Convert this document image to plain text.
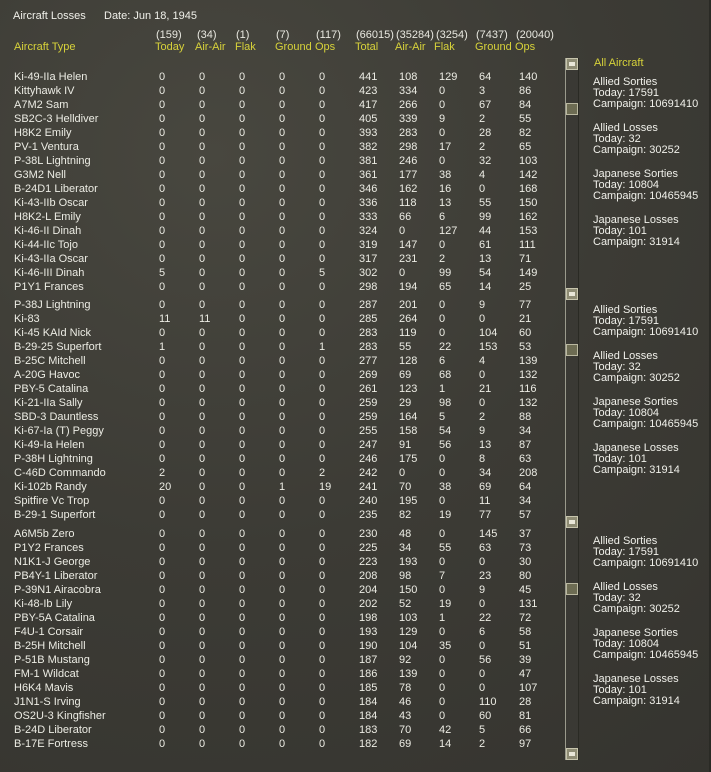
Aircraft Losses Date: Jun 18, 1945
(159) (34) (1) (7) (117) (66015) (35284) (3254) (7437) (20040)
Aircraft Type	Today Air-Air Flak Ground Ops Total Air-Air Flak Ground Ops
All Aircraft
Ki-49-IIa Helen	0	0	0	0	0	441 108 129 64	140
Kittyhawk IV	0	0	0	0	0	423 334 0	3	86
A7M2 Sam	0	0	0	0	0	417 266 0	67	84
SB2C-3 Helldiver	0	0	0	0	0	405 339 9	2	55
H8K2 Emily	0	0	0	0	0	393 283 0	28	82
PV-1 Ventura	0	0	0	0	0	382 298 17	2	65
P-38L Lightning	0	0	0	0	0	381 246 0	32	103
G3M2 Nell	0	0	0	0	0	361 177 38	4	142
B-24D1 Liberator	0	0	0	0	0	346 162 16	0	168
Ki-43-IIb Oscar	0	0	0	0	0	336 118 13	55	150
H8K2-L Emily	0	0	0	0	0	333 66	6	99	162
Ki-46-II Dinah	0	0	0	0	0	324 0	127 44	153
Ki-44-IIc Tojo	0	0	0	0	0	319 147 0	61	111
Ki-43-IIa Oscar	0	0	0	0	0	317 231 2	13	71
Ki-46-III Dinah	5	0	0	0	5	302 0	99	54	149
P1Y1 Frances	0	0	0	0	0	298 194 65	14	25
P-38J Lightning	0	0	0	0	0	287 201 0	9	77
Ki-83	11	11	0	0	0	285 264 0	0	21
Ki-45 KAId Nick	0	0	0	0	0	283 119 0	104 60
B-29-25 Superfort	1	0	0	0	1	283 55	22	153 53
B-25C Mitchell	0	0	0	0	0	277 128 6	4	139
A-20G Havoc	0	0	0	0	0	269 69	68	0	132
PBY-5 Catalina	0	0	0	0	0	261 123 1	21	116
Ki-21-IIa Sally	0	0	0	0	0	259 29	98	0	132
SBD-3 Dauntless	0	0	0	0	0	259 164 5	2	88
Ki-67-Ia (T) Peggy	0	0	0	0	0	255 158 54	9	34
Ki-49-Ia Helen	0	0	0	0	0	247 91	56	13	87
P-38H Lightning	0	0	0	0	0	246 175 0	8	63
C-46D Commando	2	0	0	0	2	242 0	0	34	208
Ki-102b Randy	20	0	0	1	19	241 70	38	69	64
Spitfire Vc Trop	0	0	0	0	0	240 195 0	11	34
B-29-1 Superfort	0	0	0	0	0	235 82	19	77	57
A6M5b Zero	0	0	0	0	0	230 48	0	145 37
P1Y2 Frances	0	0	0	0	0	225 34	55	63	73
N1K1-J George	0	0	0	0	0	223 193 0	0	30
PB4Y-1 Liberator	0	0	0	0	0	208 98	7	23	80
P-39N1 Airacobra	0	0	0	0	0	204 150 0	9	45
Ki-48-Ib Lily	0	0	0	0	0	202 52	19	0	131
PBY-5A Catalina	0	0	0	0	0	198 103 1	22	72
F4U-1 Corsair	0	0	0	0	0	193 129 0	6	58
B-25H Mitchell	0	0	0	0	0	190 104 35	0	51
P-51B Mustang	0	0	0	0	0	187 92	0	56	39
FM-1 Wildcat	0	0	0	0	0	186 139 0	0	47
H6K4 Mavis	0	0	0	0	0	185 78	0	0	107
J1N1-S Irving	0	0	0	0	0	184 46	0	110 28
OS2U-3 Kingfisher	0	0	0	0	0	184 43	0	60	81
B-24D Liberator	0	0	0	0	0	183 70	42	5	66
B-17E Fortress	0	0	0	0	0	182 69	14	2	97
Allied Sorties
Today: 17591
Campaign: 10691410
Allied Losses
Today: 32
Campaign: 30252
Japanese Sorties
Today: 10804
Campaign: 10465945
Japanese Losses
Today: 101
Campaign: 31914
Allied Sorties
Today: 17591
Campaign: 10691410
Allied Losses
Today: 32
Campaign: 30252
Japanese Sorties
Today: 10804
Campaign: 10465945
Japanese Losses
Today: 101
Campaign: 31914
Allied Sorties
Today: 17591
Campaign: 10691410
Allied Losses
Today: 32
Campaign: 30252
Japanese Sorties
Today: 10804
Campaign: 10465945
Japanese Losses
Today: 101
Campaign: 31914
